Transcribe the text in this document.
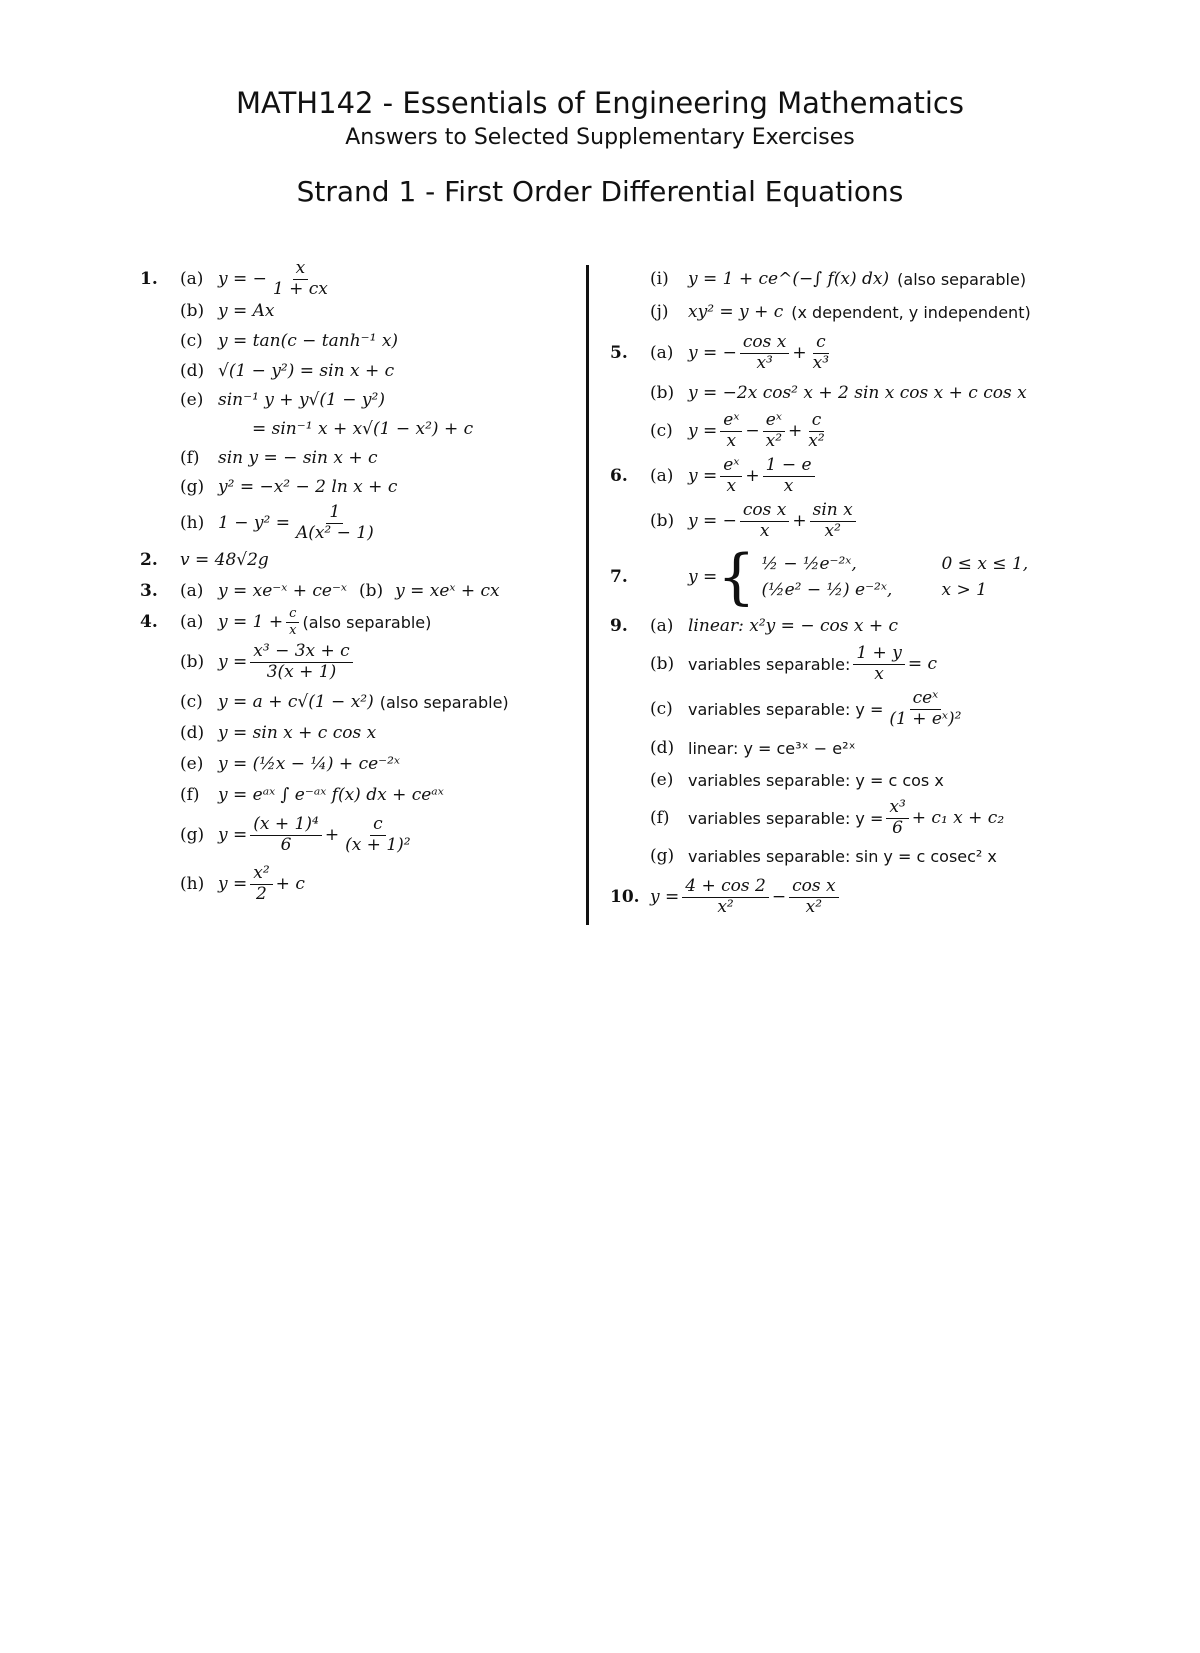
MATH142 - Essentials of Engineering Mathematics
Answers to Selected Supplementary Exercises
Strand 1 - First Order Differential Equations
1.	(a) y = − $\frac{x}{1 + cx}$
(b) y = Ax
(c) y = tan(c − tanh⁻¹ x)
(d) √(1 − y²) = sin x + c
(e) sin⁻¹ y + y√(1 − y²)
= sin⁻¹ x + x√(1 − x²) + c
(f)	sin y = − sin x + c
(g) y² = −x² − 2 ln x + c
(h) $1 - y^2 = \frac{1}{\text{A(x² − 1)}}$
2.	v = 48√2g
3.	(a) y = xe⁻ˣ + ce⁻ˣ (b) y = xeˣ + cx
4.	(a) $y = 1 + \frac{c}{x}$ (also separable)
(b) $y = \frac{\text{x³ − 3x + c}}{3(x + 1)}$
(c) y = a + c√(1 − x²) (also separable)
(d) y = sin x + c cos x
(e) y = (½x − ¼) + ce⁻²ˣ
(f)	y = eᵃˣ ∫ e⁻ᵃˣ f(x) dx + ceᵃˣ
(g) $y = \frac{\text{(x + 1)⁴}}{6} + \frac{c}{\text{(x + 1)²}}$
(h) $y = \frac{\text{x²}}{2} + c$
(i)	y = 1 + ce^(−∫ f(x) dx) (also separable)
(j)	xy² = y + c (x dependent, y independent)
5.	(a) y = − $\frac{\text{cos x}}{\text{x³}} + \frac{c}{\text{x³}}$
(b) y = −2x cos² x + 2 sin x cos x + c cos x
(c) $y = \frac{\text{eˣ}}{x} - \frac{\text{eˣ}}{\text{x²}} + \frac{c}{\text{x²}}$
6.	(a) $y = \frac{\text{eˣ}}{x} + \frac{1 - e}{x}$
(b) y = − $\frac{\text{cos x}}{x} + \frac{\text{sin x}}{\text{x²}}$
7.	y = { ½ − ½e⁻²ˣ,	0 ≤ x ≤ 1,
(½e² − ½) e⁻²ˣ,	x > 1
9.	(a) linear: x²y = − cos x + c
(b) variables separable: $\frac{1 + y}{x} = c$
(c) variables separable: y =
ceˣ
(1 + eˣ)²
(d) linear: y = ce³ˣ − e²ˣ
(e) variables separable: y = c cos x
(f)	variables separable: $y = \frac{\text{x³}}{6} + c_1$ x + c₂
(g) variables separable: sin y = c cosec² x
10. $y = \frac{4 + \cos 2}{\text{x²}} - \frac{\text{cos x}}{\text{x²}}$
